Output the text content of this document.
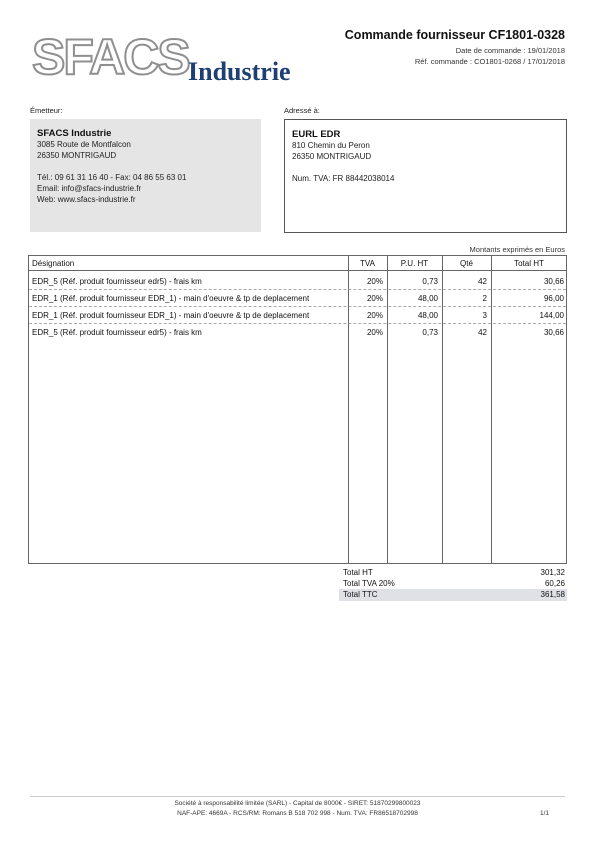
SFACS Industrie
Commande fournisseur CF1801-0328
Date de commande : 19/01/2018
Réf. commande : CO1801-0268 / 17/01/2018
Émetteur:
SFACS Industrie
3085 Route de Montfalcon
26350 MONTRIGAUD
Tél.: 09 61 31 16 40 - Fax: 04 86 55 63 01
Email: info@sfacs-industrie.fr
Web: www.sfacs-industrie.fr
Adressé à:
EURL EDR
810 Chemin du Peron
26350 MONTRIGAUD
Num. TVA: FR 88442038014
Montants exprimés en Euros
Désignation	TVA	P.U. HT	Qté	Total HT
EDR_5 (Réf. produit fournisseur edr5) - frais km	20%	0,73	42	30,66
EDR_1 (Réf. produit fournisseur EDR_1) - main d'oeuvre & tp de deplacement	20%	48,00	2	96,00
EDR_1 (Réf. produit fournisseur EDR_1) - main d'oeuvre & tp de deplacement	20%	48,00	3	144,00
EDR_5 (Réf. produit fournisseur edr5) - frais km	20%	0,73	42	30,66
Total HT	301,32
Total TVA 20%	60,26
Total TTC	361,58
Société à responsabilité limitée (SARL) - Capital de 8000€ - SIRET: 51870299800023
NAF-APE: 4669A - RCS/RM: Romans B 518 702 998 - Num. TVA: FR86518702998	1/1
